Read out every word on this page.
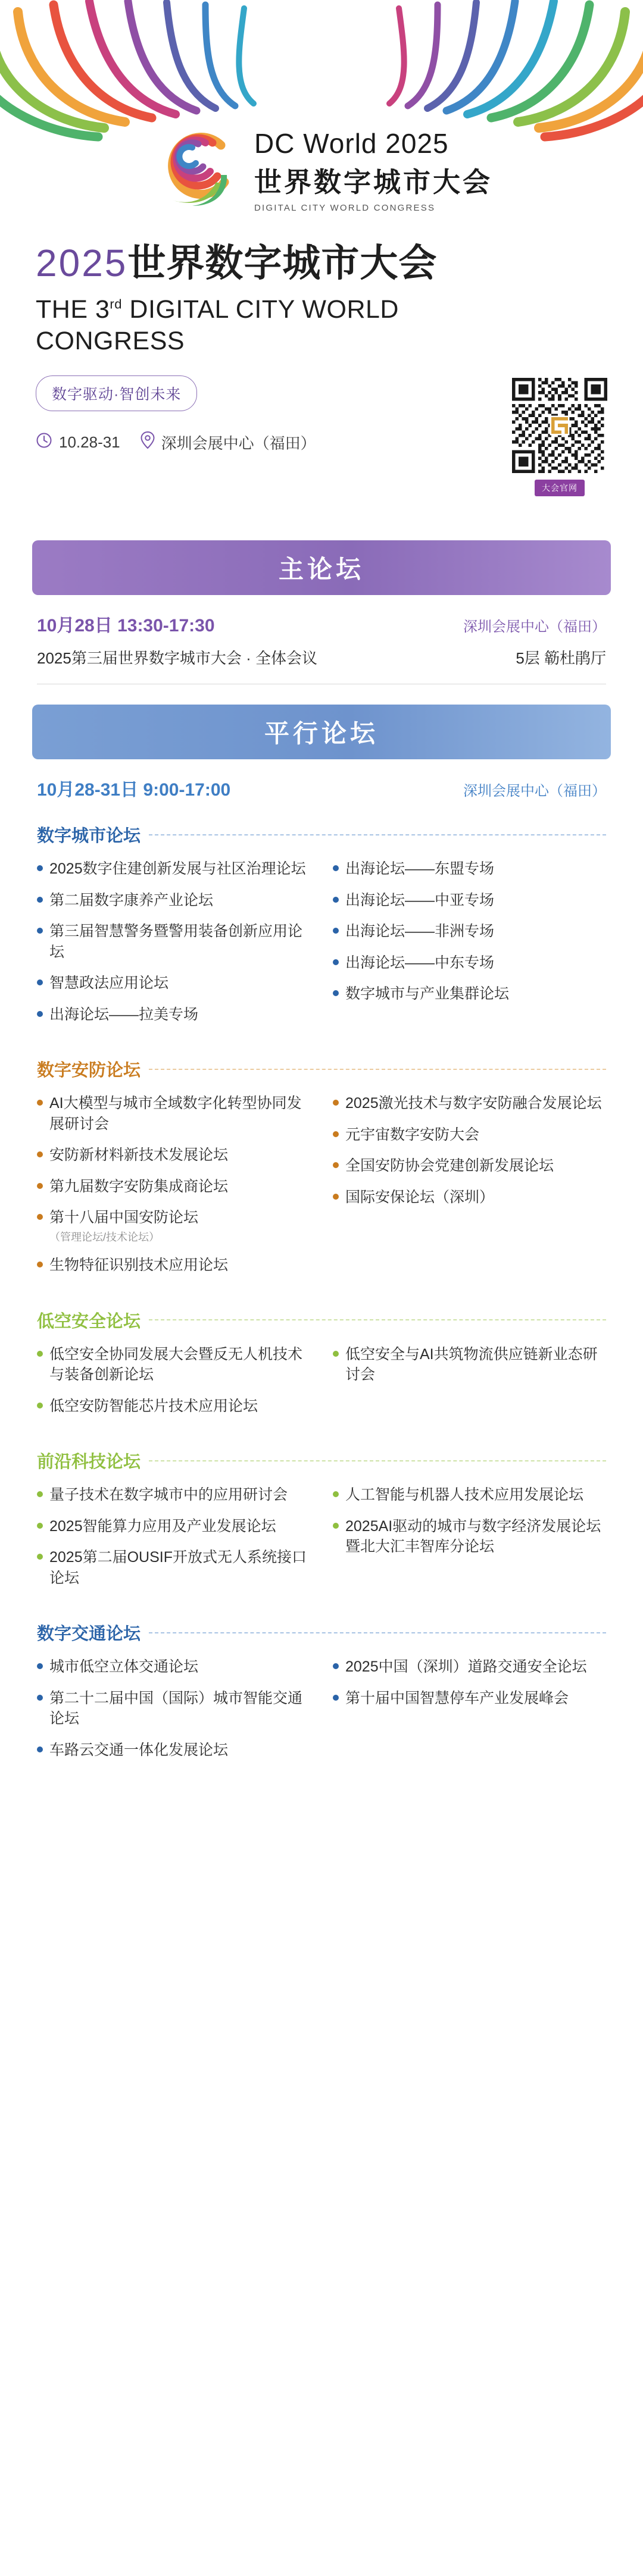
DC World 2025
世界数字城市大会
DIGITAL CITY WORLD CONGRESS
2025世界数字城市大会
THE 3rd DIGITAL CITY WORLD
CONGRESS
数字驱动·智创未来
10.28-31	深圳会展中心（福田）
大会官网
主论坛
10月28日 13:30-17:30	深圳会展中心（福田）
2025第三届世界数字城市大会 · 全体会议	5层 簕杜鹃厅
平行论坛
10月28-31日 9:00-17:00	深圳会展中心（福田）
数字城市论坛
2025数字住建创新发展与社区治理论坛
第二届数字康养产业论坛
第三届智慧警务暨警用装备创新应用论坛
智慧政法应用论坛
出海论坛——拉美专场
出海论坛——东盟专场
出海论坛——中亚专场
出海论坛——非洲专场
出海论坛——中东专场
数字城市与产业集群论坛
数字安防论坛
AI大模型与城市全域数字化转型协同发展研讨会
安防新材料新技术发展论坛
第九届数字安防集成商论坛
第十八届中国安防论坛
（管理论坛/技术论坛）
生物特征识别技术应用论坛
2025激光技术与数字安防融合发展论坛
元宇宙数字安防大会
全国安防协会党建创新发展论坛
国际安保论坛（深圳）
低空安全论坛
低空安全协同发展大会暨反无人机技术与装备创新论坛
低空安防智能芯片技术应用论坛
低空安全与AI共筑物流供应链新业态研讨会
前沿科技论坛
量子技术在数字城市中的应用研讨会
2025智能算力应用及产业发展论坛
2025第二届OUSIF开放式无人系统接口论坛
人工智能与机器人技术应用发展论坛
2025AI驱动的城市与数字经济发展论坛暨北大汇丰智库分论坛
数字交通论坛
城市低空立体交通论坛
第二十二届中国（国际）城市智能交通论坛
车路云交通一体化发展论坛
2025中国（深圳）道路交通安全论坛
第十届中国智慧停车产业发展峰会
